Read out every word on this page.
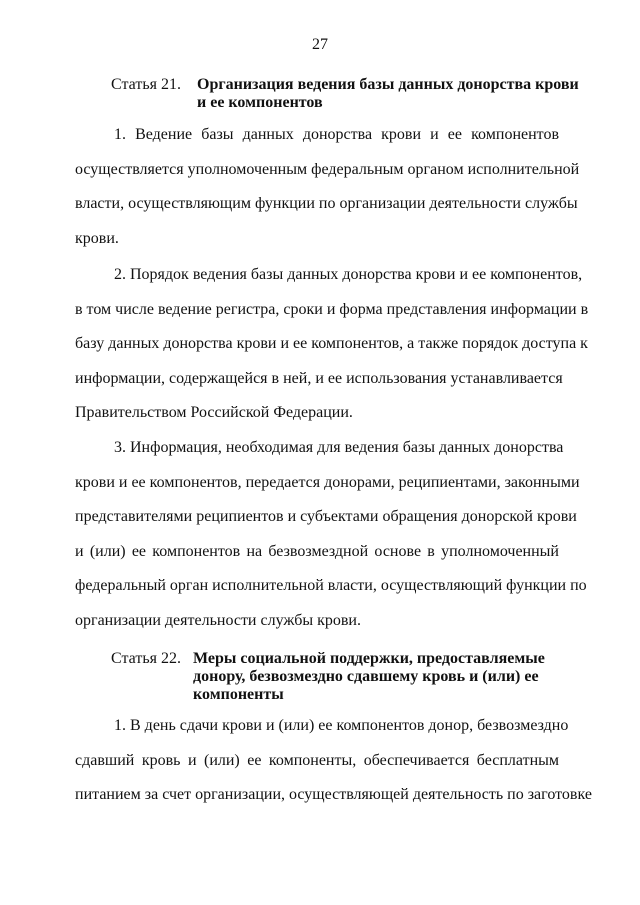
27
Статья 21. Организация ведения базы данных донорства крови
и ее компонентов
1. Ведение базы данных донорства крови и ее компонентов
осуществляется уполномоченным федеральным органом исполнительной
власти, осуществляющим функции по организации деятельности службы
крови.
2. Порядок ведения базы данных донорства крови и ее компонентов,
в том числе ведение регистра, сроки и форма представления информации в
базу данных донорства крови и ее компонентов, а также порядок доступа к
информации, содержащейся в ней, и ее использования устанавливается
Правительством Российской Федерации.
3. Информация, необходимая для ведения базы данных донорства
крови и ее компонентов, передается донорами, реципиентами, законными
представителями реципиентов и субъектами обращения донорской крови
и (или) ее компонентов на безвозмездной основе в уполномоченный
федеральный орган исполнительной власти, осуществляющий функции по
организации деятельности службы крови.
Статья 22. Меры социальной поддержки, предоставляемые
донору, безвозмездно сдавшему кровь и (или) ее
компоненты
1. В день сдачи крови и (или) ее компонентов донор, безвозмездно
сдавший кровь и (или) ее компоненты, обеспечивается бесплатным
питанием за счет организации, осуществляющей деятельность по заготовке
